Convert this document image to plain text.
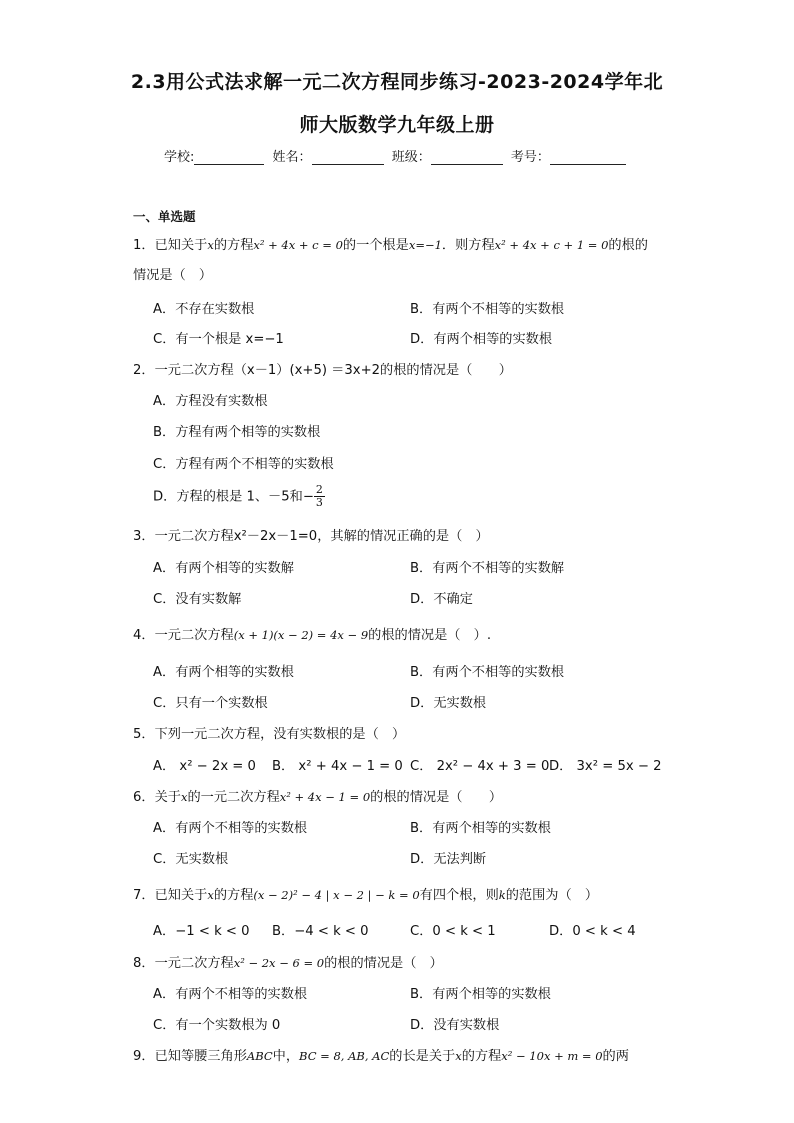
2.3用公式法求解一元二次方程同步练习-2023-2024学年北
师大版数学九年级上册
学校:	姓名：	班级：	考号：
一、单选题
1．已知关于x的方程x² + 4x + c = 0的一个根是x=−1．则方程x² + 4x + c + 1 = 0的根的
情况是（　）
A．不存在实数根	B．有两个不相等的实数根
C．有一个根是 x=−1	D．有两个相等的实数根
2．一元二次方程（x－1）(x+5) ＝3x+2的根的情况是（　　）
A．方程没有实数根
B．方程有两个相等的实数根
C．方程有两个不相等的实数根
D．方程的根是 1、－5和− $\frac{2}{3}$
3．一元二次方程x²－2x－1=0，其解的情况正确的是（　）
A．有两个相等的实数解	B．有两个不相等的实数解
C．没有实数解	D．不确定
4．一元二次方程(x + 1)(x − 2) = 4x − 9的根的情况是（　）.
A．有两个相等的实数根	B．有两个不相等的实数根
C．只有一个实数根	D．无实数根
5．下列一元二次方程，没有实数根的是（　）
A． x² − 2x = 0 B． x² + 4x − 1 = 0 C． 2x² − 4x + 3 = 0 D． 3x² = 5x − 2
6．关于x的一元二次方程x² + 4x − 1 = 0的根的情况是（　　）
A．有两个不相等的实数根	B．有两个相等的实数根
C．无实数根	D．无法判断
7．已知关于x的方程(x − 2)² − 4 | x − 2 | − k = 0有四个根，则k的范围为（　）
A．−1 < k < 0 B．−4 < k < 0	C．0 < k < 1	D．0 < k < 4
8．一元二次方程x² − 2x − 6 = 0的根的情况是（　）
A．有两个不相等的实数根	B．有两个相等的实数根
C．有一个实数根为 0	D．没有实数根
9．已知等腰三角形ABC中，BC = 8, AB, AC的长是关于x的方程x² − 10x + m = 0的两
